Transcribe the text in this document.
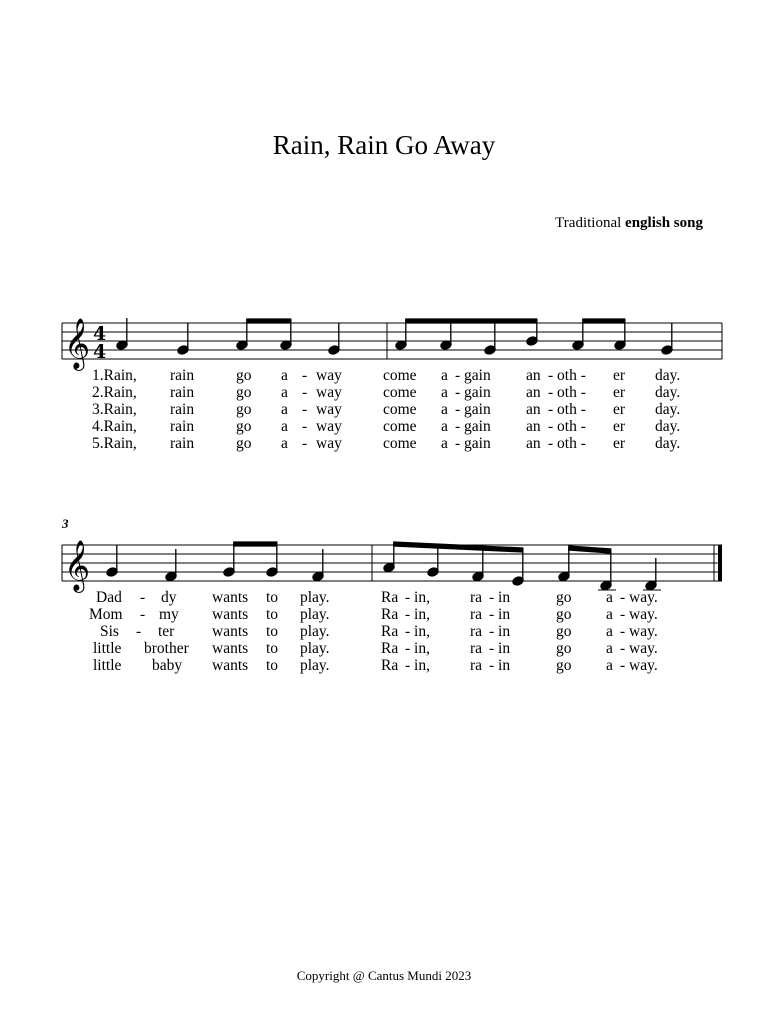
Rain, Rain Go Away
Traditional english song
𝄞 4
4
1.Rain, rain	go a - way	come a - gain an - oth - er day.
2.Rain, rain	go a - way	come a - gain an - oth - er day.
3.Rain, rain	go a - way	come a - gain an - oth - er day.
4.Rain, rain	go a - way	come a - gain an - oth - er day.
5.Rain, rain	go a - way	come a - gain an - oth - er day.
3
𝄞
Dad - dy wants to play.	Ra - in,	ra - in	go a - way.
Mom - my wants to play.	Ra - in,	ra - in	go a - way.
Sis - ter wants to play.	Ra - in,	ra - in	go a - way.
little brother wants to play.	Ra - in,	ra - in	go a - way.
little baby wants to play.	Ra - in,	ra - in	go a - way.
Copyright @ Cantus Mundi 2023
